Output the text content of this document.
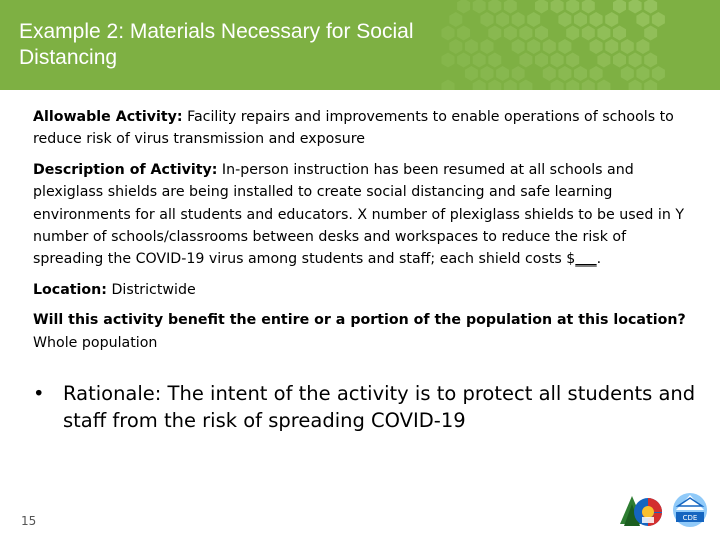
Example 2: Materials Necessary for Social Distancing

Allowable Activity: Facility repairs and improvements to enable operations of schools to reduce risk of virus transmission and exposure

Description of Activity: In-person instruction has been resumed at all schools and plexiglass shields are being installed to create social distancing and safe learning environments for all students and educators. X number of plexiglass shields to be used in Y number of schools/classrooms between desks and workspaces to reduce the risk of spreading the COVID-19 virus among students and staff; each shield costs $___.

Location: Districtwide

Will this activity benefit the entire or a portion of the population at this location? Whole population

• Rationale: The intent of the activity is to protect all students and staff from the risk of spreading COVID-19
15	CDE
